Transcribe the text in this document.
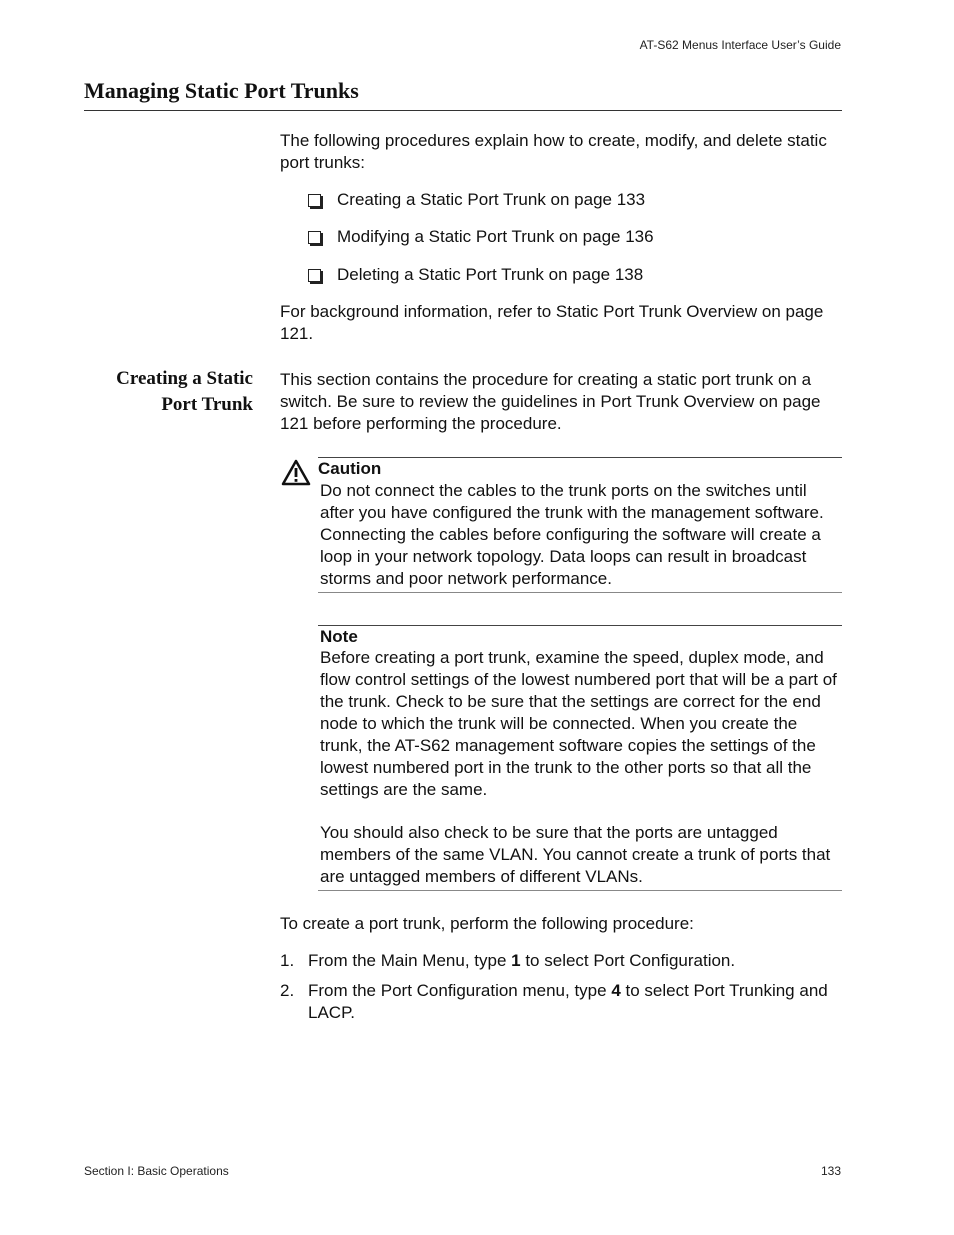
AT-S62 Menus Interface User’s Guide
Managing Static Port Trunks
The following procedures explain how to create, modify, and delete static port trunks:
Creating a Static Port Trunk on page 133
Modifying a Static Port Trunk on page 136
Deleting a Static Port Trunk on page 138
For background information, refer to Static Port Trunk Overview on page 121.
Creating a Static
Port Trunk
This section contains the procedure for creating a static port trunk on a switch. Be sure to review the guidelines in Port Trunk Overview on page 121 before performing the procedure.
Caution
Do not connect the cables to the trunk ports on the switches until after you have configured the trunk with the management software. Connecting the cables before configuring the software will create a loop in your network topology. Data loops can result in broadcast storms and poor network performance.
Note
Before creating a port trunk, examine the speed, duplex mode, and flow control settings of the lowest numbered port that will be a part of the trunk. Check to be sure that the settings are correct for the end node to which the trunk will be connected. When you create the trunk, the AT-S62 management software copies the settings of the lowest numbered port in the trunk to the other ports so that all the settings are the same.
You should also check to be sure that the ports are untagged members of the same VLAN. You cannot create a trunk of ports that are untagged members of different VLANs.
To create a port trunk, perform the following procedure:
1. From the Main Menu, type 1 to select Port Configuration.
2. From the Port Configuration menu, type 4 to select Port Trunking and LACP.
Section I: Basic Operations	133
